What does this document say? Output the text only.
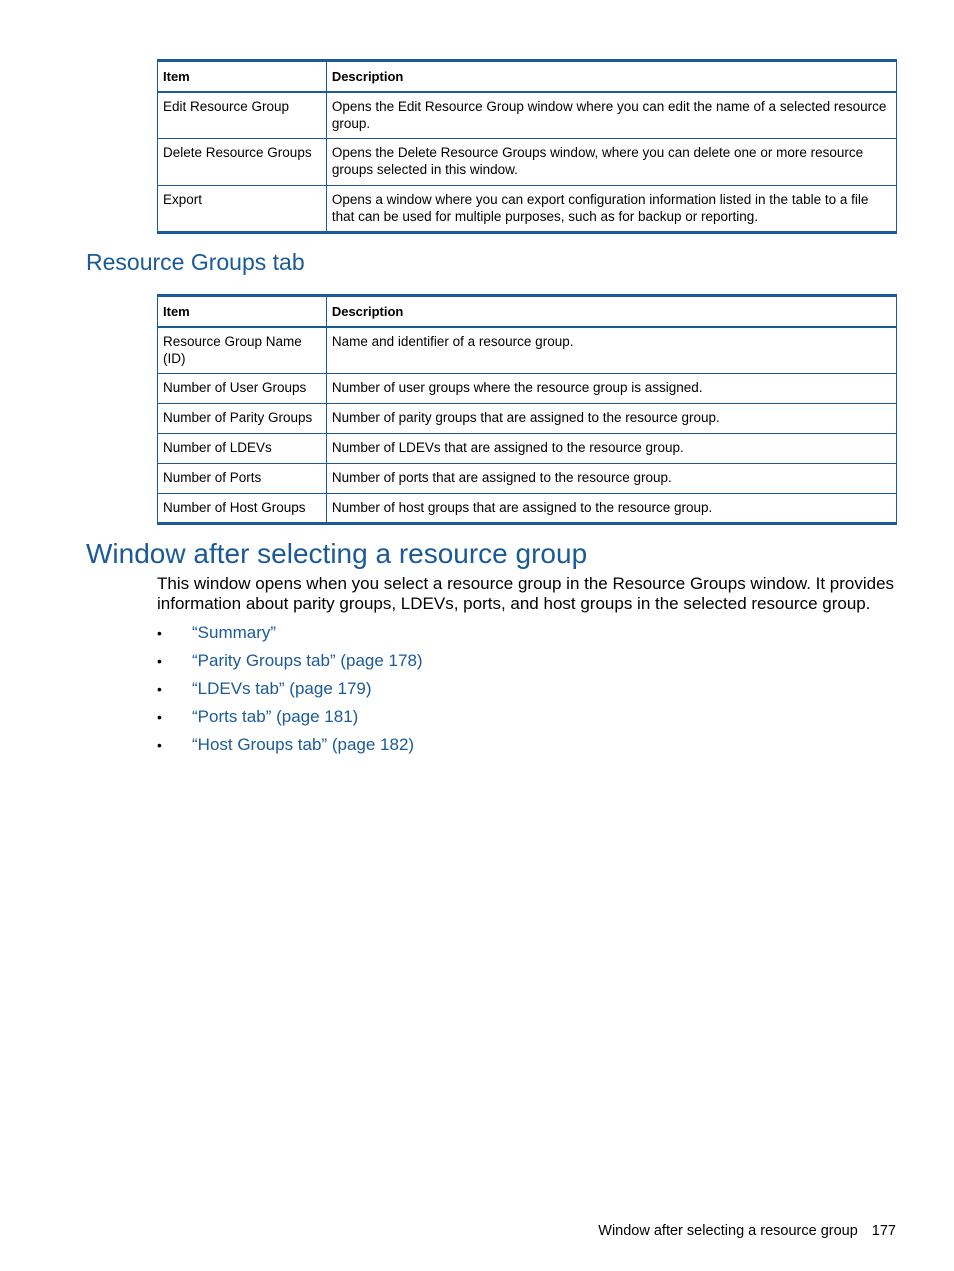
Item	Description
Edit Resource Group	Opens the Edit Resource Group window where you can edit the name of a selected resource group.
Delete Resource Groups	Opens the Delete Resource Groups window, where you can delete one or more resource groups selected in this window.
Export	Opens a window where you can export configuration information listed in the table to a file that can be used for multiple purposes, such as for backup or reporting.
Resource Groups tab
Item	Description
Resource Group Name (ID)	Name and identifier of a resource group.
Number of User Groups	Number of user groups where the resource group is assigned.
Number of Parity Groups	Number of parity groups that are assigned to the resource group.
Number of LDEVs	Number of LDEVs that are assigned to the resource group.
Number of Ports	Number of ports that are assigned to the resource group.
Number of Host Groups	Number of host groups that are assigned to the resource group.
Window after selecting a resource group

This window opens when you select a resource group in the Resource Groups window. It provides information about parity groups, LDEVs, ports, and host groups in the selected resource group.

• “Summary”
• “Parity Groups tab” (page 178)
• “LDEVs tab” (page 179)
• “Ports tab” (page 181)
• “Host Groups tab” (page 182)
Window after selecting a resource group 177
